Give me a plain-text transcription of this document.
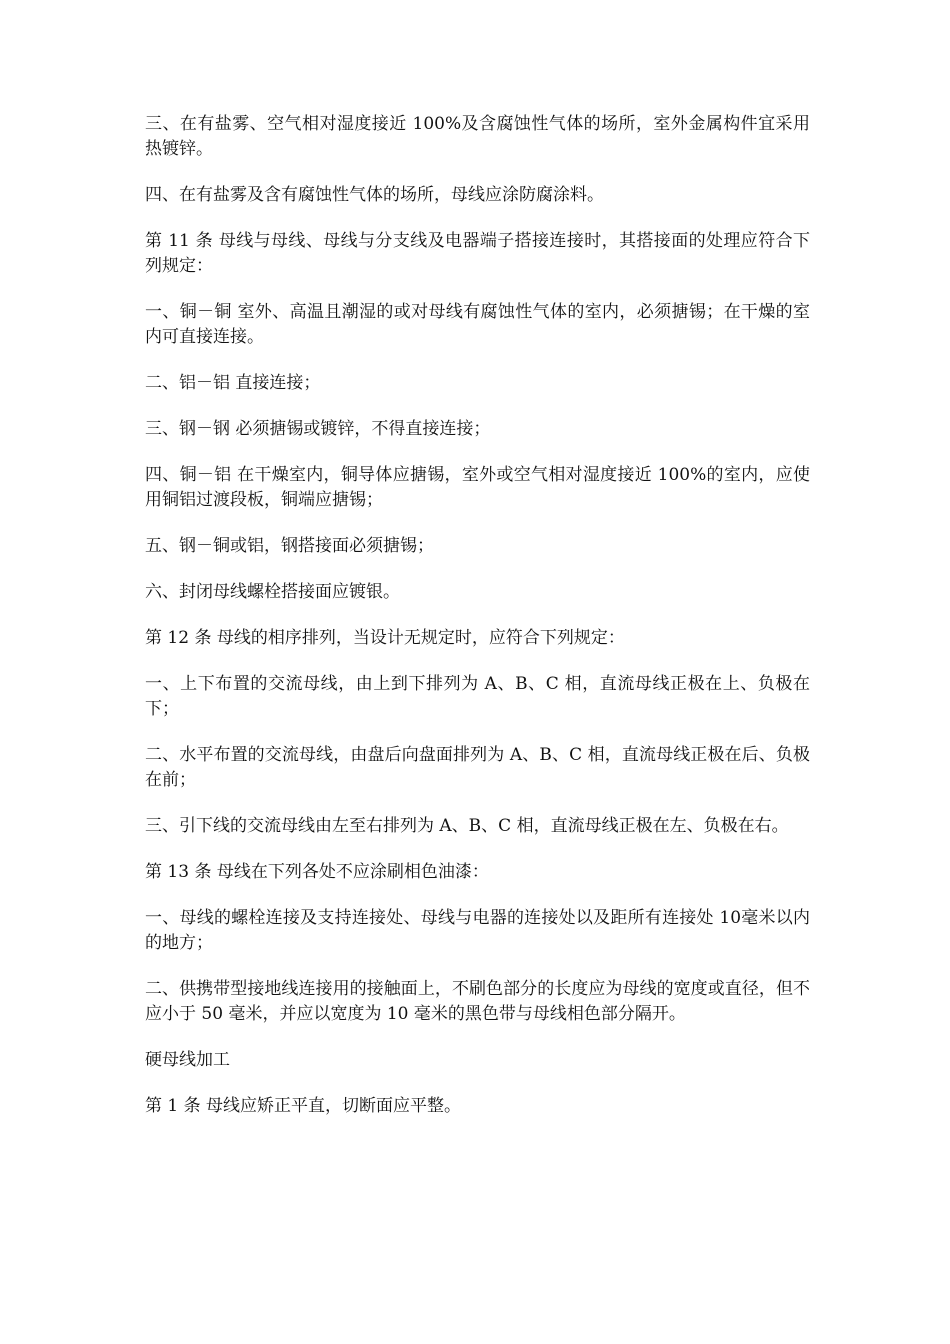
三、在有盐雾、空气相对湿度接近 100%及含腐蚀性气体的场所，室外金属构件宜采用热镀锌。

四、在有盐雾及含有腐蚀性气体的场所，母线应涂防腐涂料。

第 11 条 母线与母线、母线与分支线及电器端子搭接连接时，其搭接面的处理应符合下列规定：

一、铜－铜 室外、高温且潮湿的或对母线有腐蚀性气体的室内，必须搪锡；在干燥的室内可直接连接。

二、铝－铝 直接连接；

三、钢－钢 必须搪锡或镀锌，不得直接连接；

四、铜－铝 在干燥室内，铜导体应搪锡，室外或空气相对湿度接近 100%的室内，应使用铜铝过渡段板，铜端应搪锡；

五、钢－铜或铝，钢搭接面必须搪锡；

六、封闭母线螺栓搭接面应镀银。

第 12 条 母线的相序排列，当设计无规定时，应符合下列规定：

一、上下布置的交流母线，由上到下排列为 A、B、C 相，直流母线正极在上、负极在下；

二、水平布置的交流母线，由盘后向盘面排列为 A、B、C 相，直流母线正极在后、负极在前；

三、引下线的交流母线由左至右排列为 A、B、C 相，直流母线正极在左、负极在右。

第 13 条 母线在下列各处不应涂刷相色油漆：

一、母线的螺栓连接及支持连接处、母线与电器的连接处以及距所有连接处 10毫米以内的地方；

二、供携带型接地线连接用的接触面上，不刷色部分的长度应为母线的宽度或直径，但不应小于 50 毫米，并应以宽度为 10 毫米的黑色带与母线相色部分隔开。

硬母线加工

第 1 条 母线应矫正平直，切断面应平整。
